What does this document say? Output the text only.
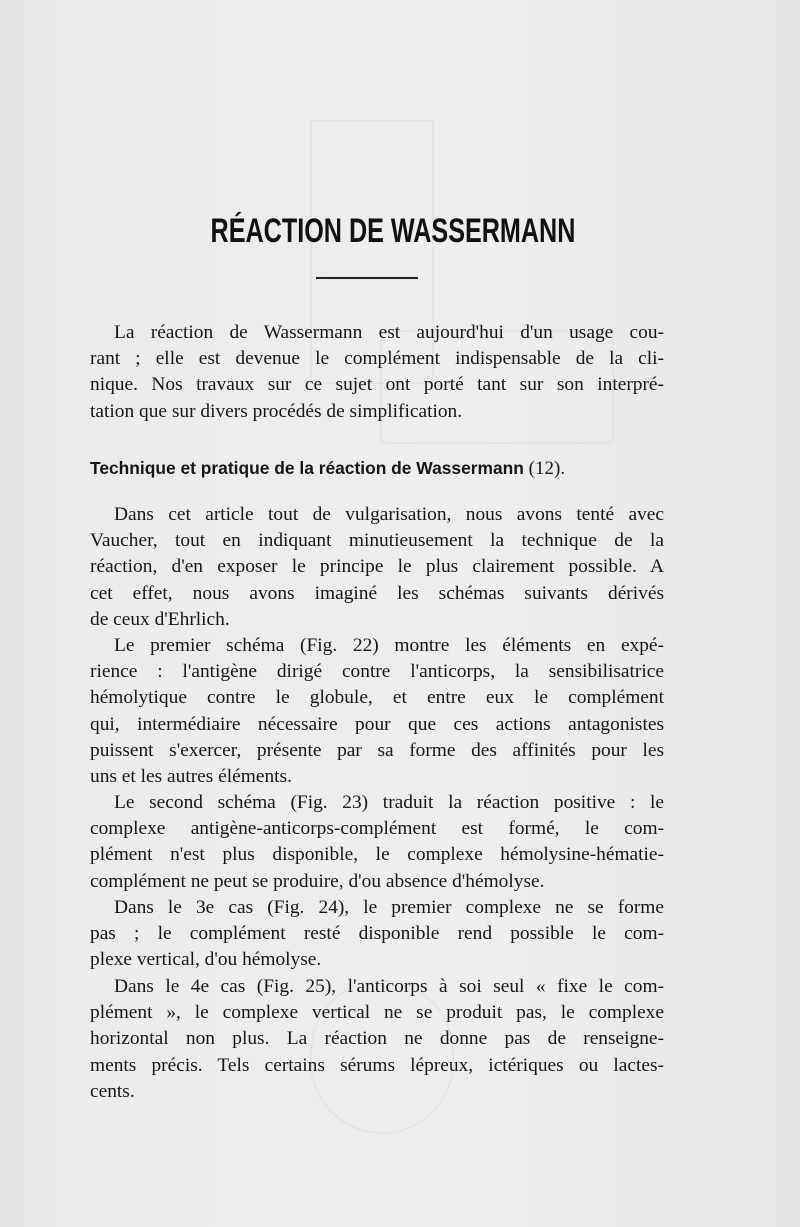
RÉACTION DE WASSERMANN
La réaction de Wassermann est aujourd'hui d'un usage cou-
rant ; elle est devenue le complément indispensable de la cli-
nique. Nos travaux sur ce sujet ont porté tant sur son interpré-
tation que sur divers procédés de simplification.
Technique et pratique de la réaction de Wassermann (12).
Dans cet article tout de vulgarisation, nous avons tenté avec
Vaucher, tout en indiquant minutieusement la technique de la
réaction, d'en exposer le principe le plus clairement possible. A
cet effet, nous avons imaginé les schémas suivants dérivés
de ceux d'Ehrlich.
Le premier schéma (Fig. 22) montre les éléments en expé-
rience : l'antigène dirigé contre l'anticorps, la sensibilisatrice
hémolytique contre le globule, et entre eux le complément
qui, intermédiaire nécessaire pour que ces actions antagonistes
puissent s'exercer, présente par sa forme des affinités pour les
uns et les autres éléments.
Le second schéma (Fig. 23) traduit la réaction positive : le
complexe antigène-anticorps-complément est formé, le com-
plément n'est plus disponible, le complexe hémolysine-hématie-
complément ne peut se produire, d'ou absence d'hémolyse.
Dans le 3e cas (Fig. 24), le premier complexe ne se forme
pas ; le complément resté disponible rend possible le com-
plexe vertical, d'ou hémolyse.
Dans le 4e cas (Fig. 25), l'anticorps à soi seul « fixe le com-
plément », le complexe vertical ne se produit pas, le complexe
horizontal non plus. La réaction ne donne pas de renseigne-
ments précis. Tels certains sérums lépreux, ictériques ou lactes-
cents.
